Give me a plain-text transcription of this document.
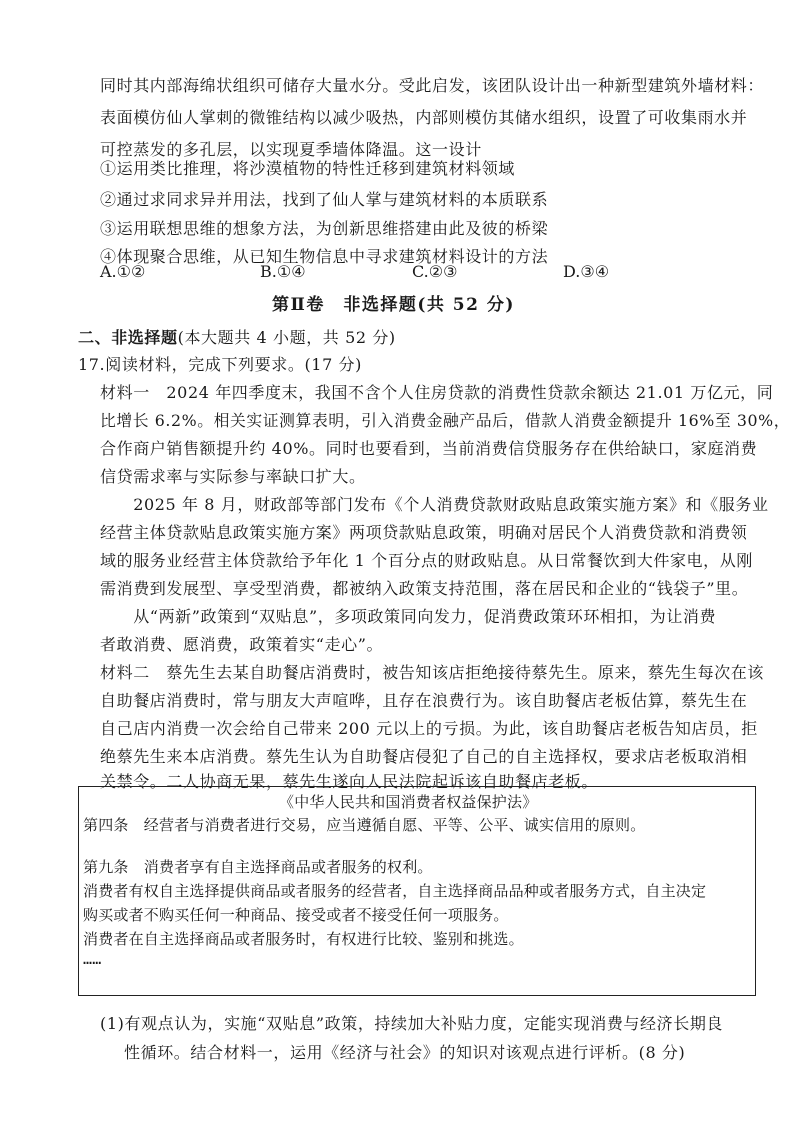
同时其内部海绵状组织可储存大量水分。受此启发，该团队设计出一种新型建筑外墙材料：
表面模仿仙人掌刺的微锥结构以减少吸热，内部则模仿其储水组织，设置了可收集雨水并
可控蒸发的多孔层，以实现夏季墙体降温。这一设计
①运用类比推理，将沙漠植物的特性迁移到建筑材料领域
②通过求同求异并用法，找到了仙人掌与建筑材料的本质联系
③运用联想思维的想象方法，为创新思维搭建由此及彼的桥梁
④体现聚合思维，从已知生物信息中寻求建筑材料设计的方法
A.①②	B.①④	C.②③	D.③④
第Ⅱ卷　非选择题(共 52 分)
二、非选择题(本大题共 4 小题，共 52 分)
17.阅读材料，完成下列要求。(17 分)
材料一　2024 年四季度末，我国不含个人住房贷款的消费性贷款余额达 21.01 万亿元，同
比增长 6.2%。相关实证测算表明，引入消费金融产品后，借款人消费金额提升 16%至 30%，
合作商户销售额提升约 40%。同时也要看到，当前消费信贷服务存在供给缺口，家庭消费
信贷需求率与实际参与率缺口扩大。
　　2025 年 8 月，财政部等部门发布《个人消费贷款财政贴息政策实施方案》和《服务业
经营主体贷款贴息政策实施方案》两项贷款贴息政策，明确对居民个人消费贷款和消费领
域的服务业经营主体贷款给予年化 1 个百分点的财政贴息。从日常餐饮到大件家电，从刚
需消费到发展型、享受型消费，都被纳入政策支持范围，落在居民和企业的“钱袋子”里。
　　从“两新”政策到“双贴息”，多项政策同向发力，促消费政策环环相扣，为让消费
者敢消费、愿消费，政策着实“走心”。
材料二　蔡先生去某自助餐店消费时，被告知该店拒绝接待蔡先生。原来，蔡先生每次在该
自助餐店消费时，常与朋友大声喧哗，且存在浪费行为。该自助餐店老板估算，蔡先生在
自己店内消费一次会给自己带来 200 元以上的亏损。为此，该自助餐店老板告知店员，拒
绝蔡先生来本店消费。蔡先生认为自助餐店侵犯了自己的自主选择权，要求店老板取消相
关禁令。二人协商无果，蔡先生遂向人民法院起诉该自助餐店老板。
《中华人民共和国消费者权益保护法》
第四条　经营者与消费者进行交易，应当遵循自愿、平等、公平、诚实信用的原则。
第九条　消费者享有自主选择商品或者服务的权利。
消费者有权自主选择提供商品或者服务的经营者，自主选择商品品种或者服务方式，自主决定
购买或者不购买任何一种商品、接受或者不接受任何一项服务。
消费者在自主选择商品或者服务时，有权进行比较、鉴别和挑选。
……
(1)有观点认为，实施“双贴息”政策，持续加大补贴力度，定能实现消费与经济长期良
性循环。结合材料一，运用《经济与社会》的知识对该观点进行评析。(8 分)
